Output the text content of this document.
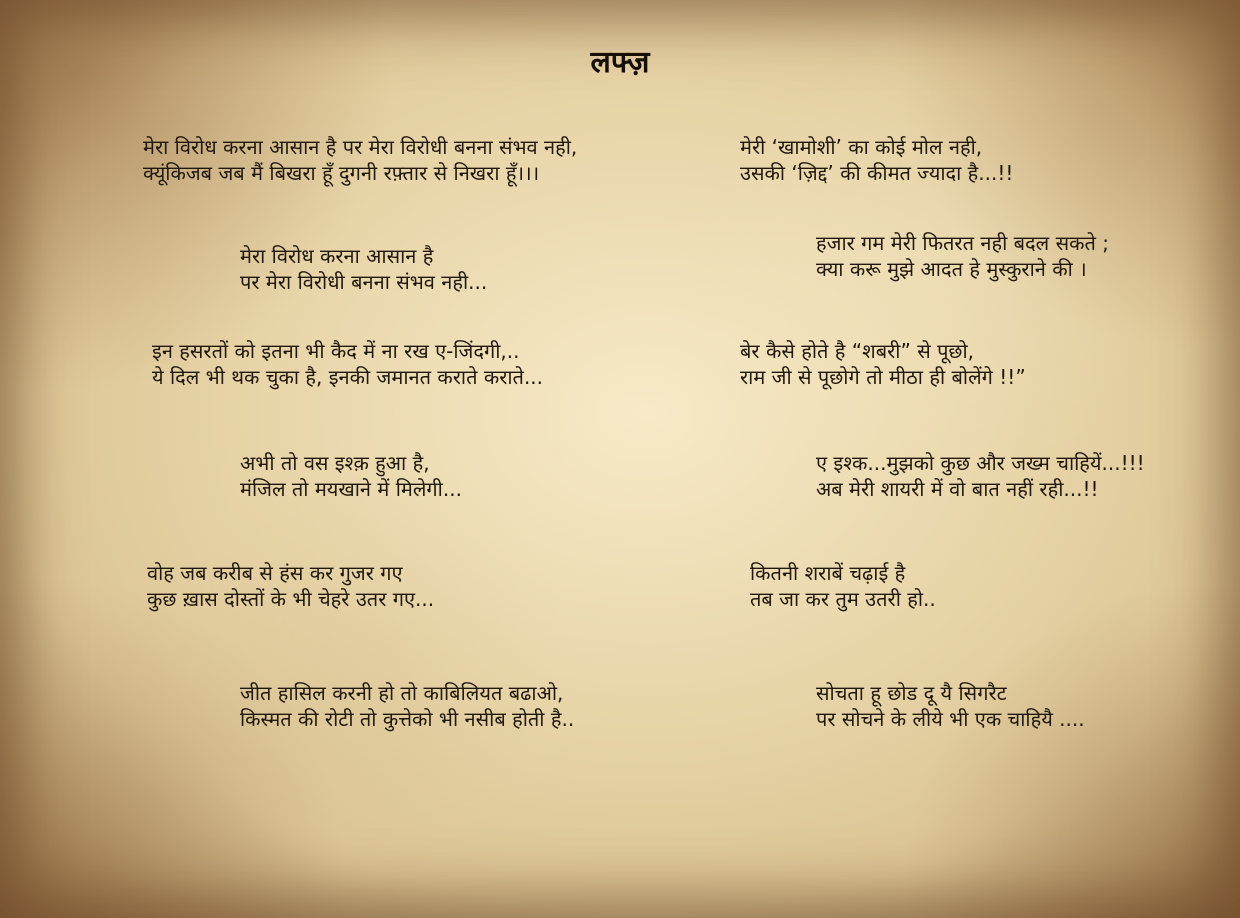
लफ्ज़
मेरा विरोध करना आसान है पर मेरा विरोधी बनना संभव नही,
क्यूंकिजब जब मैं बिखरा हूँ दुगनी रफ़्तार से निखरा हूँ।।।
मेरी ‘खामोशी’ का कोई मोल नही,
उसकी ‘ज़िद्द’ की कीमत ज्यादा है...!!
मेरा विरोध करना आसान है
पर मेरा विरोधी बनना संभव नही...
हजार गम मेरी फितरत नही बदल सकते ;
क्या करू मुझे आदत हे मुस्कुराने की ।
इन हसरतों को इतना भी कैद में ना रख ए-जिंदगी,..
ये दिल भी थक चुका है, इनकी जमानत कराते कराते...
बेर कैसे होते है “शबरी” से पूछो,
राम जी से पूछोगे तो मीठा ही बोलेंगे !!”
अभी तो वस इश्क़ हुआ है,
मंजिल तो मयखाने में मिलेगी...
ए इश्क...मुझको कुछ और जख्म चाहियें...!!!
अब मेरी शायरी में वो बात नहीं रही...!!
वोह जब करीब से हंस कर गुजर गए
कुछ ख़ास दोस्तों के भी चेहरे उतर गए...
कितनी शराबें चढ़ाई है
तब जा कर तुम उतरी हो..
जीत हासिल करनी हो तो काबिलियत बढाओ,
किस्मत की रोटी तो कुत्तेको भी नसीब होती है..
सोचता हू छोड दू यै सिगरैट
पर सोचने के लीये भी एक चाहियै ....
